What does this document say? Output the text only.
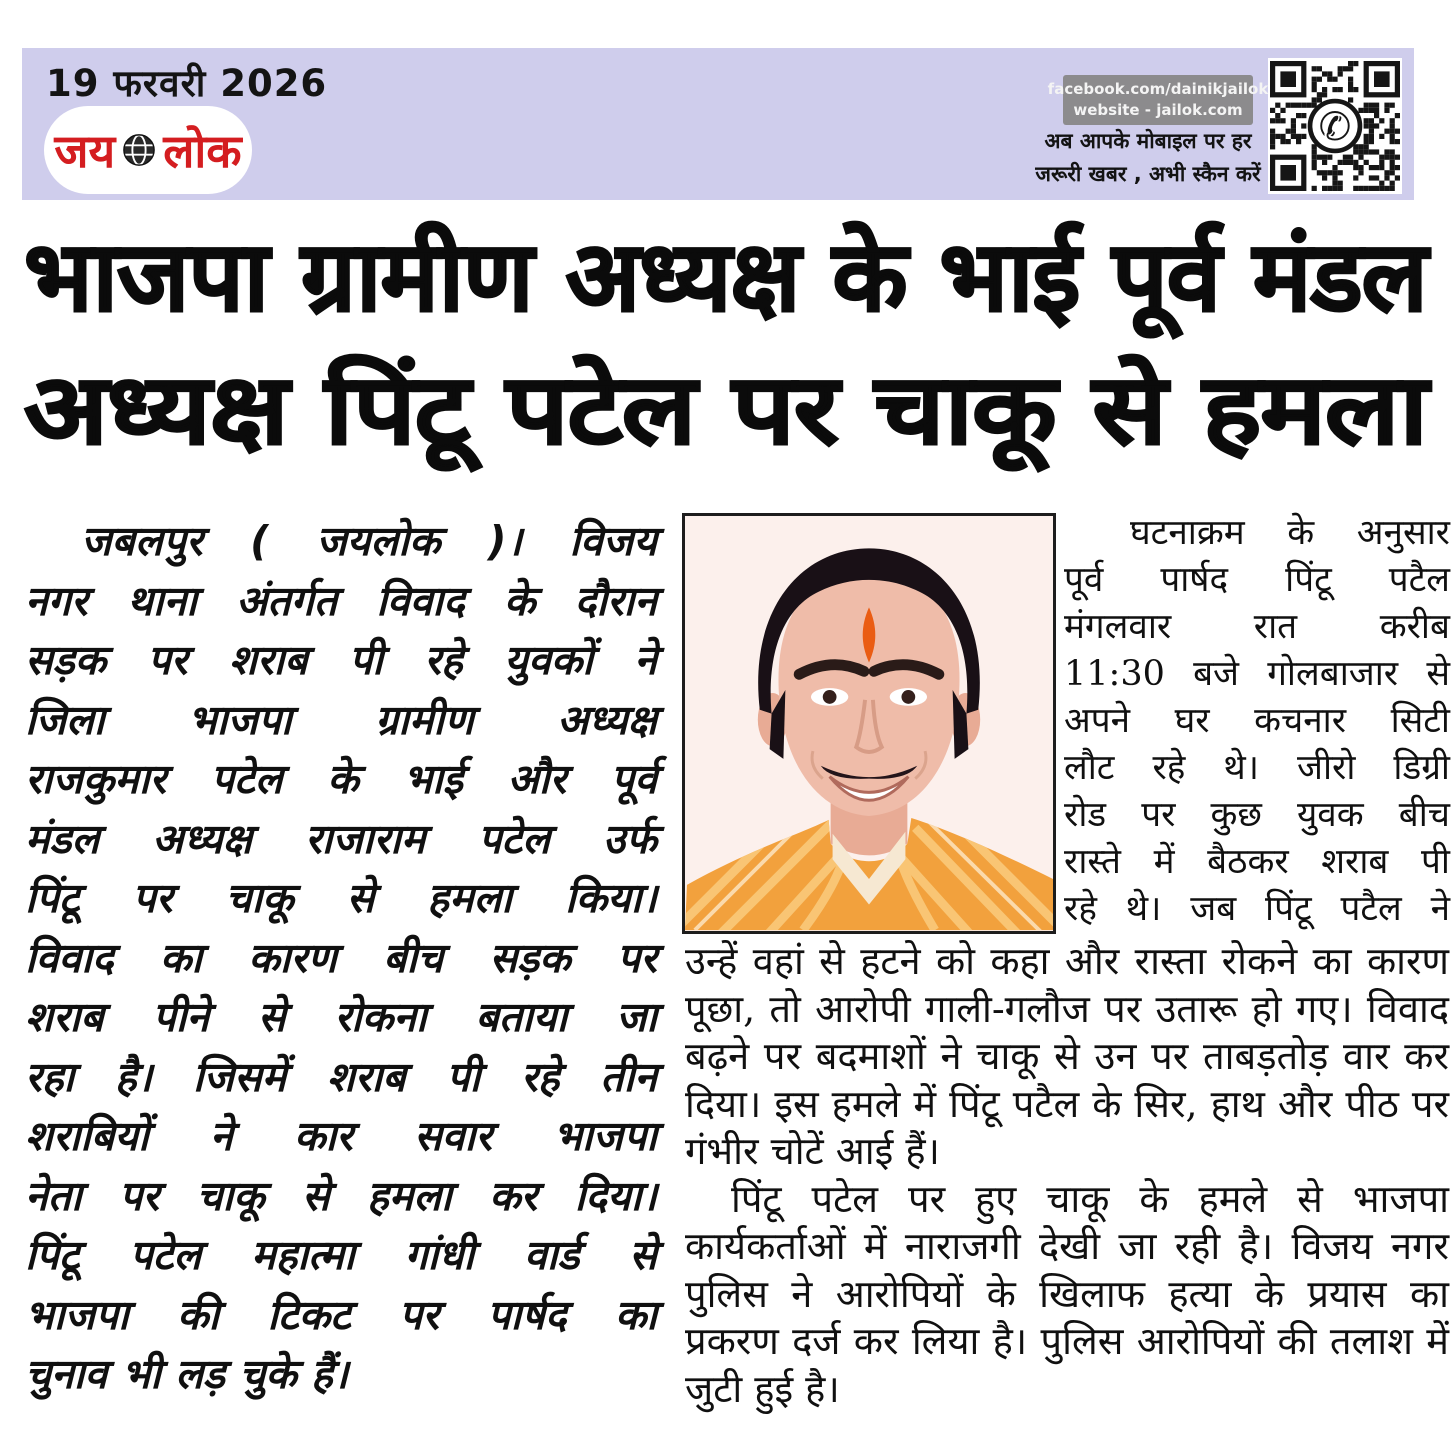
19 फरवरी 2026
जय लोक
facebook.com/dainikjailok
website - jailok.com
अब आपके मोबाइल पर हर
जरूरी खबर , अभी स्कैन करें
✆
भाजपा ग्रामीण अध्यक्ष के भाई पूर्व मंडल
अध्यक्ष पिंटू पटेल पर चाकू से हमला
जबलपुर ( जयलोक )। विजय
नगर थाना अंतर्गत विवाद के दौरान
सड़क पर शराब पी रहे युवकों ने
जिला भाजपा ग्रामीण अध्यक्ष
राजकुमार पटेल के भाई और पूर्व
मंडल अध्यक्ष राजाराम पटेल उर्फ
पिंटू पर चाकू से हमला किया।
विवाद का कारण बीच सड़क पर
शराब पीने से रोकना बताया जा
रहा है। जिसमें शराब पी रहे तीन
शराबियों ने कार सवार भाजपा
नेता पर चाकू से हमला कर दिया।
पिंटू पटेल महात्मा गांधी वार्ड से
भाजपा की टिकट पर पार्षद का
चुनाव भी लड़ चुके हैं।
घटनाक्रम के अनुसार
पूर्व पार्षद पिंटू पटैल
मंगलवार रात करीब
11:30 बजे गोलबाजार से
अपने घर कचनार सिटी
लौट रहे थे। जीरो डिग्री
रोड पर कुछ युवक बीच
रास्ते में बैठकर शराब पी
रहे थे। जब पिंटू पटैल ने
उन्हें वहां से हटने को कहा और रास्ता रोकने का कारण
पूछा, तो आरोपी गाली-गलौज पर उतारू हो गए। विवाद
बढ़ने पर बदमाशों ने चाकू से उन पर ताबड़तोड़ वार कर
दिया। इस हमले में पिंटू पटैल के सिर, हाथ और पीठ पर
गंभीर चोटें आई हैं।
पिंटू पटेल पर हुए चाकू के हमले से भाजपा
कार्यकर्ताओं में नाराजगी देखी जा रही है। विजय नगर
पुलिस ने आरोपियों के खिलाफ हत्या के प्रयास का
प्रकरण दर्ज कर लिया है। पुलिस आरोपियों की तलाश में
जुटी हुई है।
